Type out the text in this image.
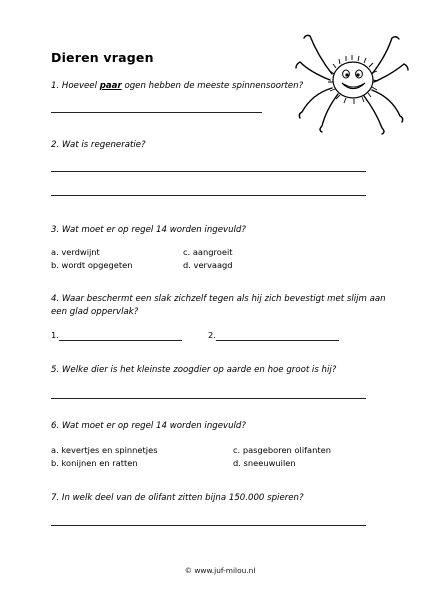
Dieren vragen
1. Hoeveel paar ogen hebben de meeste spinnensoorten?
2. Wat is regeneratie?
3. Wat moet er op regel 14 worden ingevuld?
a. verdwijnt
b. wordt opgegeten
c. aangroeit
d. vervaagd
4. Waar beschermt een slak zichzelf tegen als hij zich bevestigt met slijm aan
een glad oppervlak?
1.	2.
5. Welke dier is het kleinste zoogdier op aarde en hoe groot is hij?
6. Wat moet er op regel 14 worden ingevuld?
a. kevertjes en spinnetjes
b. konijnen en ratten
c. pasgeboren olifanten
d. sneeuwuilen
7. In welk deel van de olifant zitten bijna 150.000 spieren?
© www.juf-milou.nl
